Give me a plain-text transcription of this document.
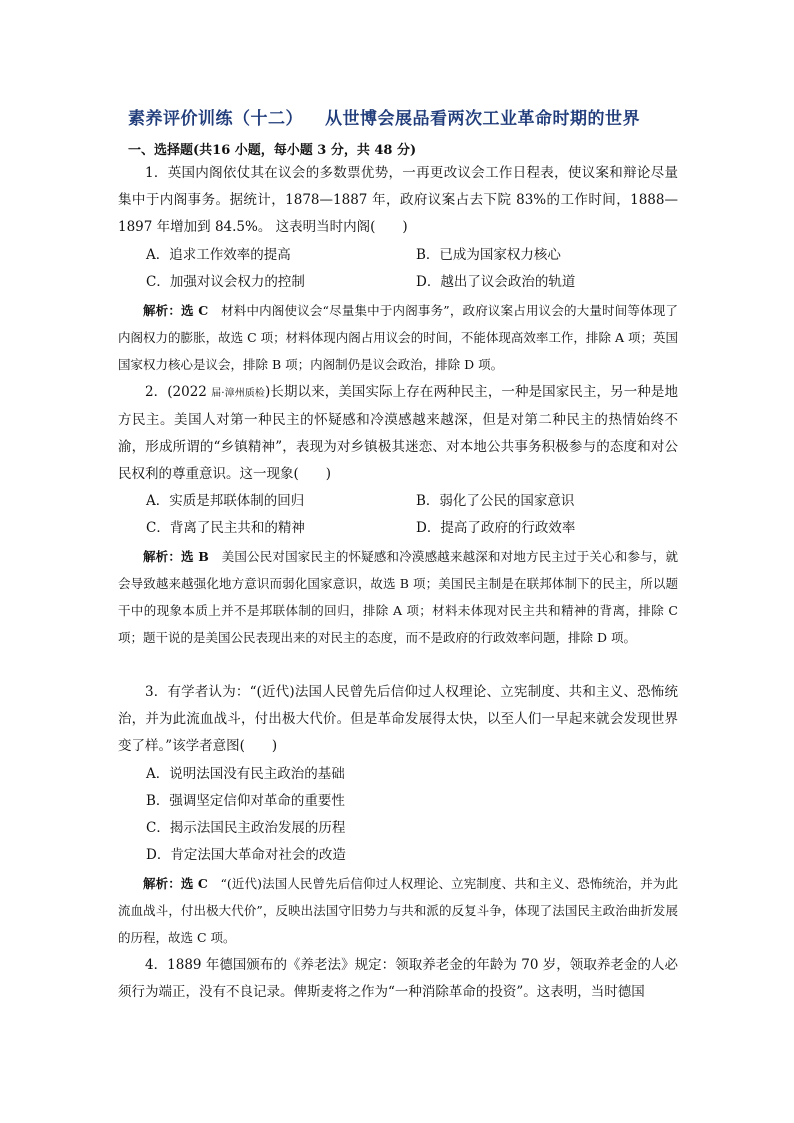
素养评价训练（十二） 从世博会展品看两次工业革命时期的世界
一、选择题(共16 小题，每小题 3 分，共 48 分)
1．英国内阁依仗其在议会的多数票优势，一再更改议会工作日程表，使议案和辩论尽量集中于内阁事务。据统计，1878—1887 年，政府议案占去下院 83%的工作时间，1888—1897 年增加到 84.5%。 这表明当时内阁(　　)
A．追求工作效率的提高	B．已成为国家权力核心
C．加强对议会权力的控制	D．越出了议会政治的轨道
解析：选 C　 材料中内阁使议会“尽量集中于内阁事务”，政府议案占用议会的大量时间等体现了内阁权力的膨胀，故选 C 项；材料体现内阁占用议会的时间，不能体现高效率工作，排除 A 项；英国国家权力核心是议会，排除 B 项；内阁制仍是议会政治，排除 D 项。
2．(2022 届·漳州质检)长期以来，美国实际上存在两种民主，一种是国家民主，另一种是地方民主。美国人对第一种民主的怀疑感和冷漠感越来越深，但是对第二种民主的热情始终不渝，形成所谓的“乡镇精神”，表现为对乡镇极其迷恋、对本地公共事务积极参与的态度和对公民权利的尊重意识。这一现象(　　)
A．实质是邦联体制的回归	B．弱化了公民的国家意识
C．背离了民主共和的精神	D．提高了政府的行政效率
解析：选 B　 美国公民对国家民主的怀疑感和冷漠感越来越深和对地方民主过于关心和参与，就会导致越来越强化地方意识而弱化国家意识，故选 B 项；美国民主制是在联邦体制下的民主，所以题干中的现象本质上并不是邦联体制的回归，排除 A 项；材料未体现对民主共和精神的背离，排除 C 项；题干说的是美国公民表现出来的对民主的态度，而不是政府的行政效率问题，排除 D 项。
3．有学者认为：“(近代)法国人民曾先后信仰过人权理论、立宪制度、共和主义、恐怖统治，并为此流血战斗，付出极大代价。但是革命发展得太快，以至人们一早起来就会发现世界变了样。”该学者意图(　　)
A．说明法国没有民主政治的基础
B．强调坚定信仰对革命的重要性
C．揭示法国民主政治发展的历程
D．肯定法国大革命对社会的改造
解析：选 C　 “(近代)法国人民曾先后信仰过人权理论、立宪制度、共和主义、恐怖统治，并为此流血战斗，付出极大代价”，反映出法国守旧势力与共和派的反复斗争，体现了法国民主政治曲折发展的历程，故选 C 项。
4．1889 年德国颁布的《养老法》规定：领取养老金的年龄为 70 岁，领取养老金的人必须行为端正，没有不良记录。俾斯麦将之作为“一种消除革命的投资”。这表明，当时德国
